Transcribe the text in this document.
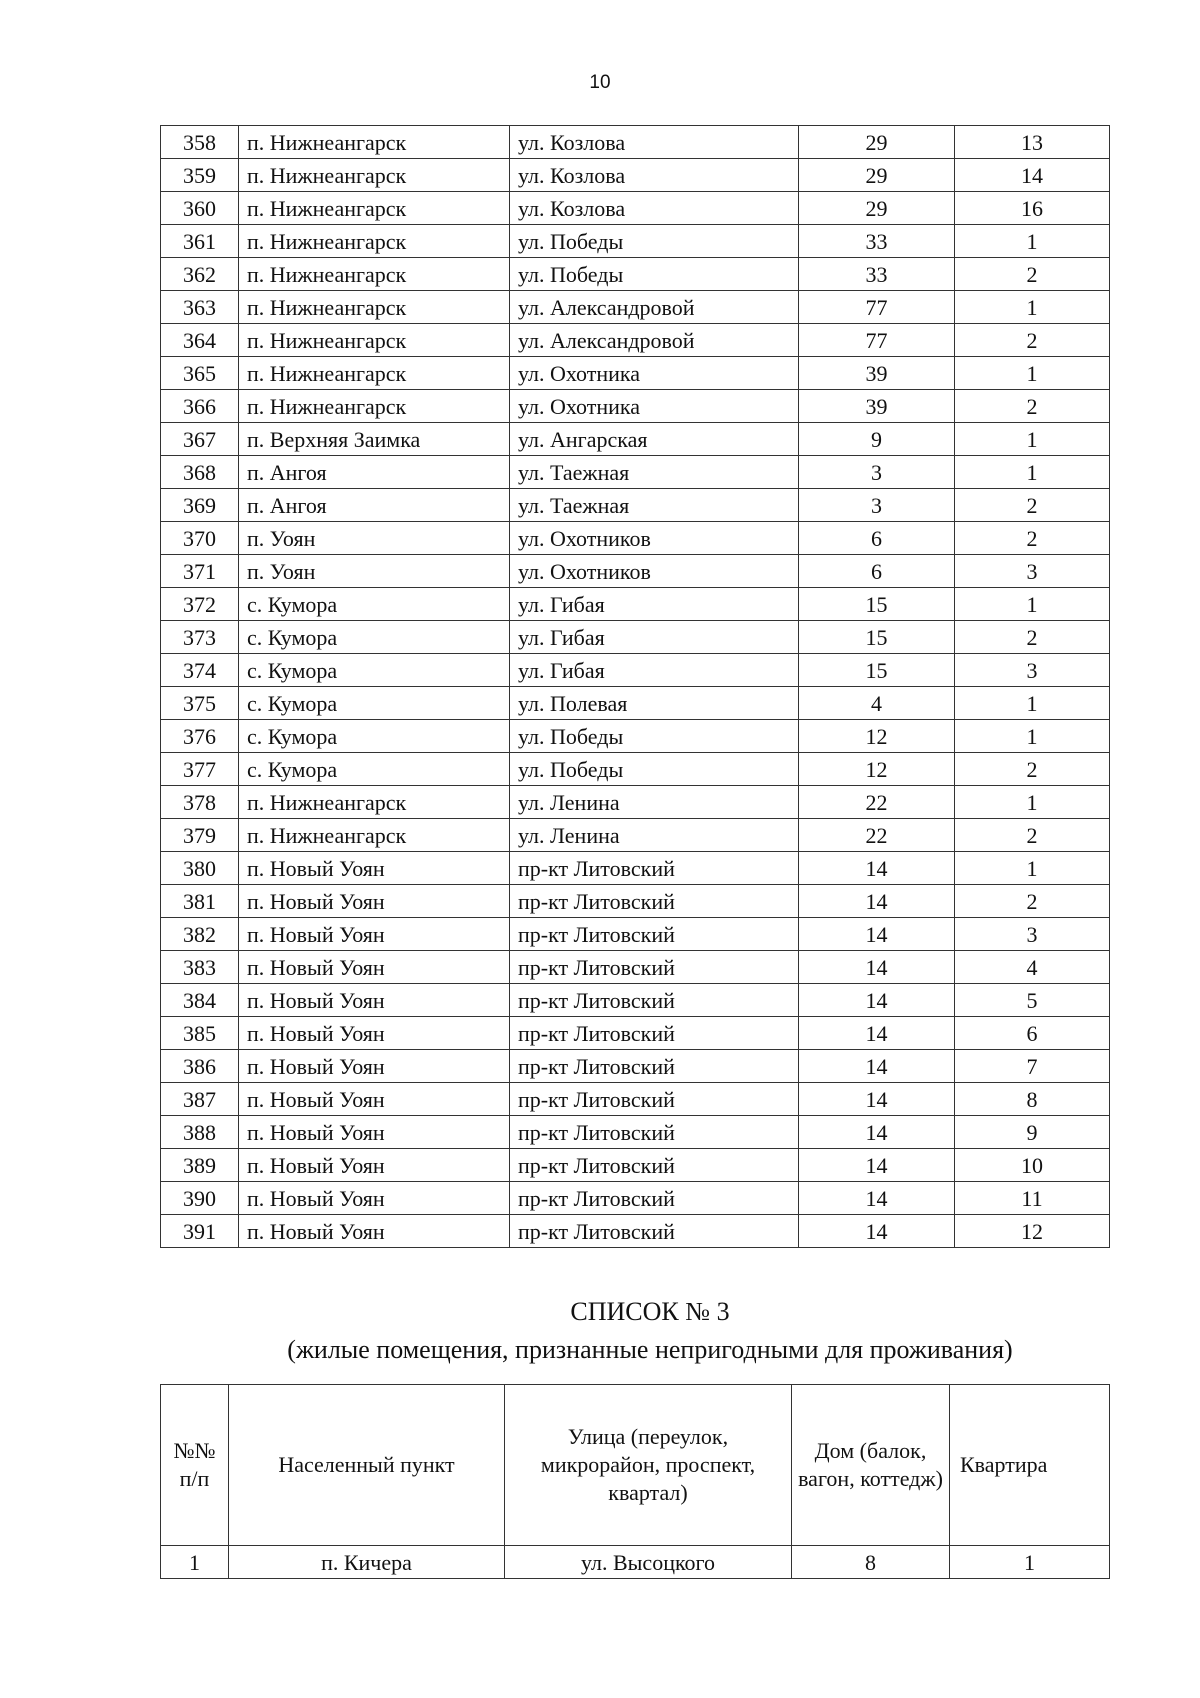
10
358	п. Нижнеангарск	ул. Козлова	29	13
359	п. Нижнеангарск	ул. Козлова	29	14
360	п. Нижнеангарск	ул. Козлова	29	16
361	п. Нижнеангарск	ул. Победы	33	1
362	п. Нижнеангарск	ул. Победы	33	2
363	п. Нижнеангарск	ул. Александровой	77	1
364	п. Нижнеангарск	ул. Александровой	77	2
365	п. Нижнеангарск	ул. Охотника	39	1
366	п. Нижнеангарск	ул. Охотника	39	2
367	п. Верхняя Заимка	ул. Ангарская	9	1
368	п. Ангоя	ул. Таежная	3	1
369	п. Ангоя	ул. Таежная	3	2
370	п. Уоян	ул. Охотников	6	2
371	п. Уоян	ул. Охотников	6	3
372	с. Кумора	ул. Гибая	15	1
373	с. Кумора	ул. Гибая	15	2
374	с. Кумора	ул. Гибая	15	3
375	с. Кумора	ул. Полевая	4	1
376	с. Кумора	ул. Победы	12	1
377	с. Кумора	ул. Победы	12	2
378	п. Нижнеангарск	ул. Ленина	22	1
379	п. Нижнеангарск	ул. Ленина	22	2
380	п. Новый Уоян	пр-кт Литовский	14	1
381	п. Новый Уоян	пр-кт Литовский	14	2
382	п. Новый Уоян	пр-кт Литовский	14	3
383	п. Новый Уоян	пр-кт Литовский	14	4
384	п. Новый Уоян	пр-кт Литовский	14	5
385	п. Новый Уоян	пр-кт Литовский	14	6
386	п. Новый Уоян	пр-кт Литовский	14	7
387	п. Новый Уоян	пр-кт Литовский	14	8
388	п. Новый Уоян	пр-кт Литовский	14	9
389	п. Новый Уоян	пр-кт Литовский	14	10
390	п. Новый Уоян	пр-кт Литовский	14	11
391	п. Новый Уоян	пр-кт Литовский	14	12
СПИСОК № 3
(жилые помещения, признанные непригодными для проживания)
№№ п/п	Населенный пункт	Улица (переулок, микрорайон, проспект, квартал)	Дом (балок, вагон, коттедж)	Квартира
1	п. Кичера	ул. Высоцкого	8	1
